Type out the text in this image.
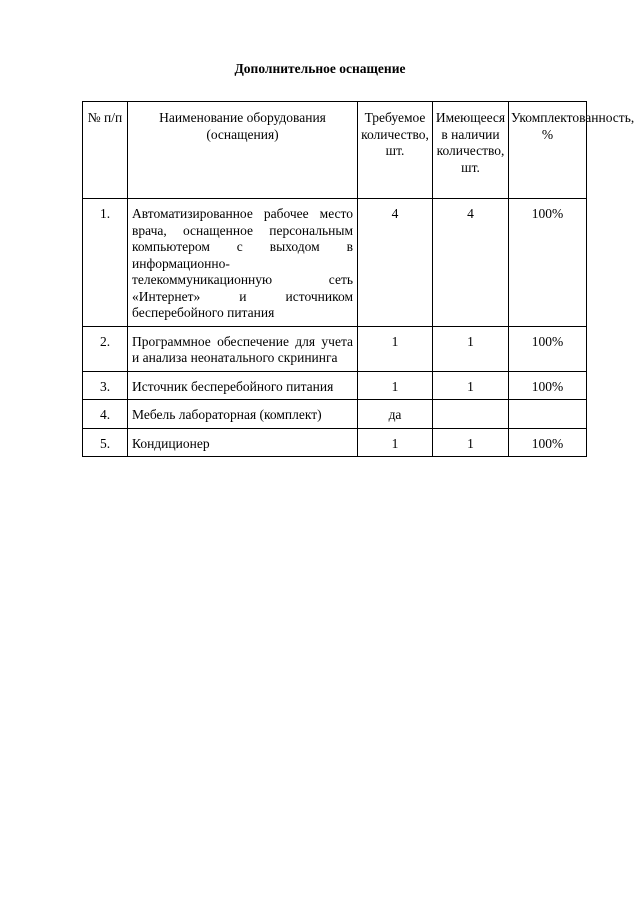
Дополнительное оснащение
№ п/п	Наименование оборудования (оснащения)	Требуемое количество, шт.	Имеющееся в наличии количество, шт.	Укомплектованность, %
1.	Автоматизированное рабочее место врача, оснащенное персональным компьютером с выходом в информационно-телекоммуникационную сеть «Интернет» и источником бесперебойного питания	4	4	100%
2.	Программное обеспечение для учета и анализа неонатального скрининга	1	1	100%
3.	Источник бесперебойного питания	1	1	100%
4.	Мебель лабораторная (комплект)	да		
5.	Кондиционер	1	1	100%
